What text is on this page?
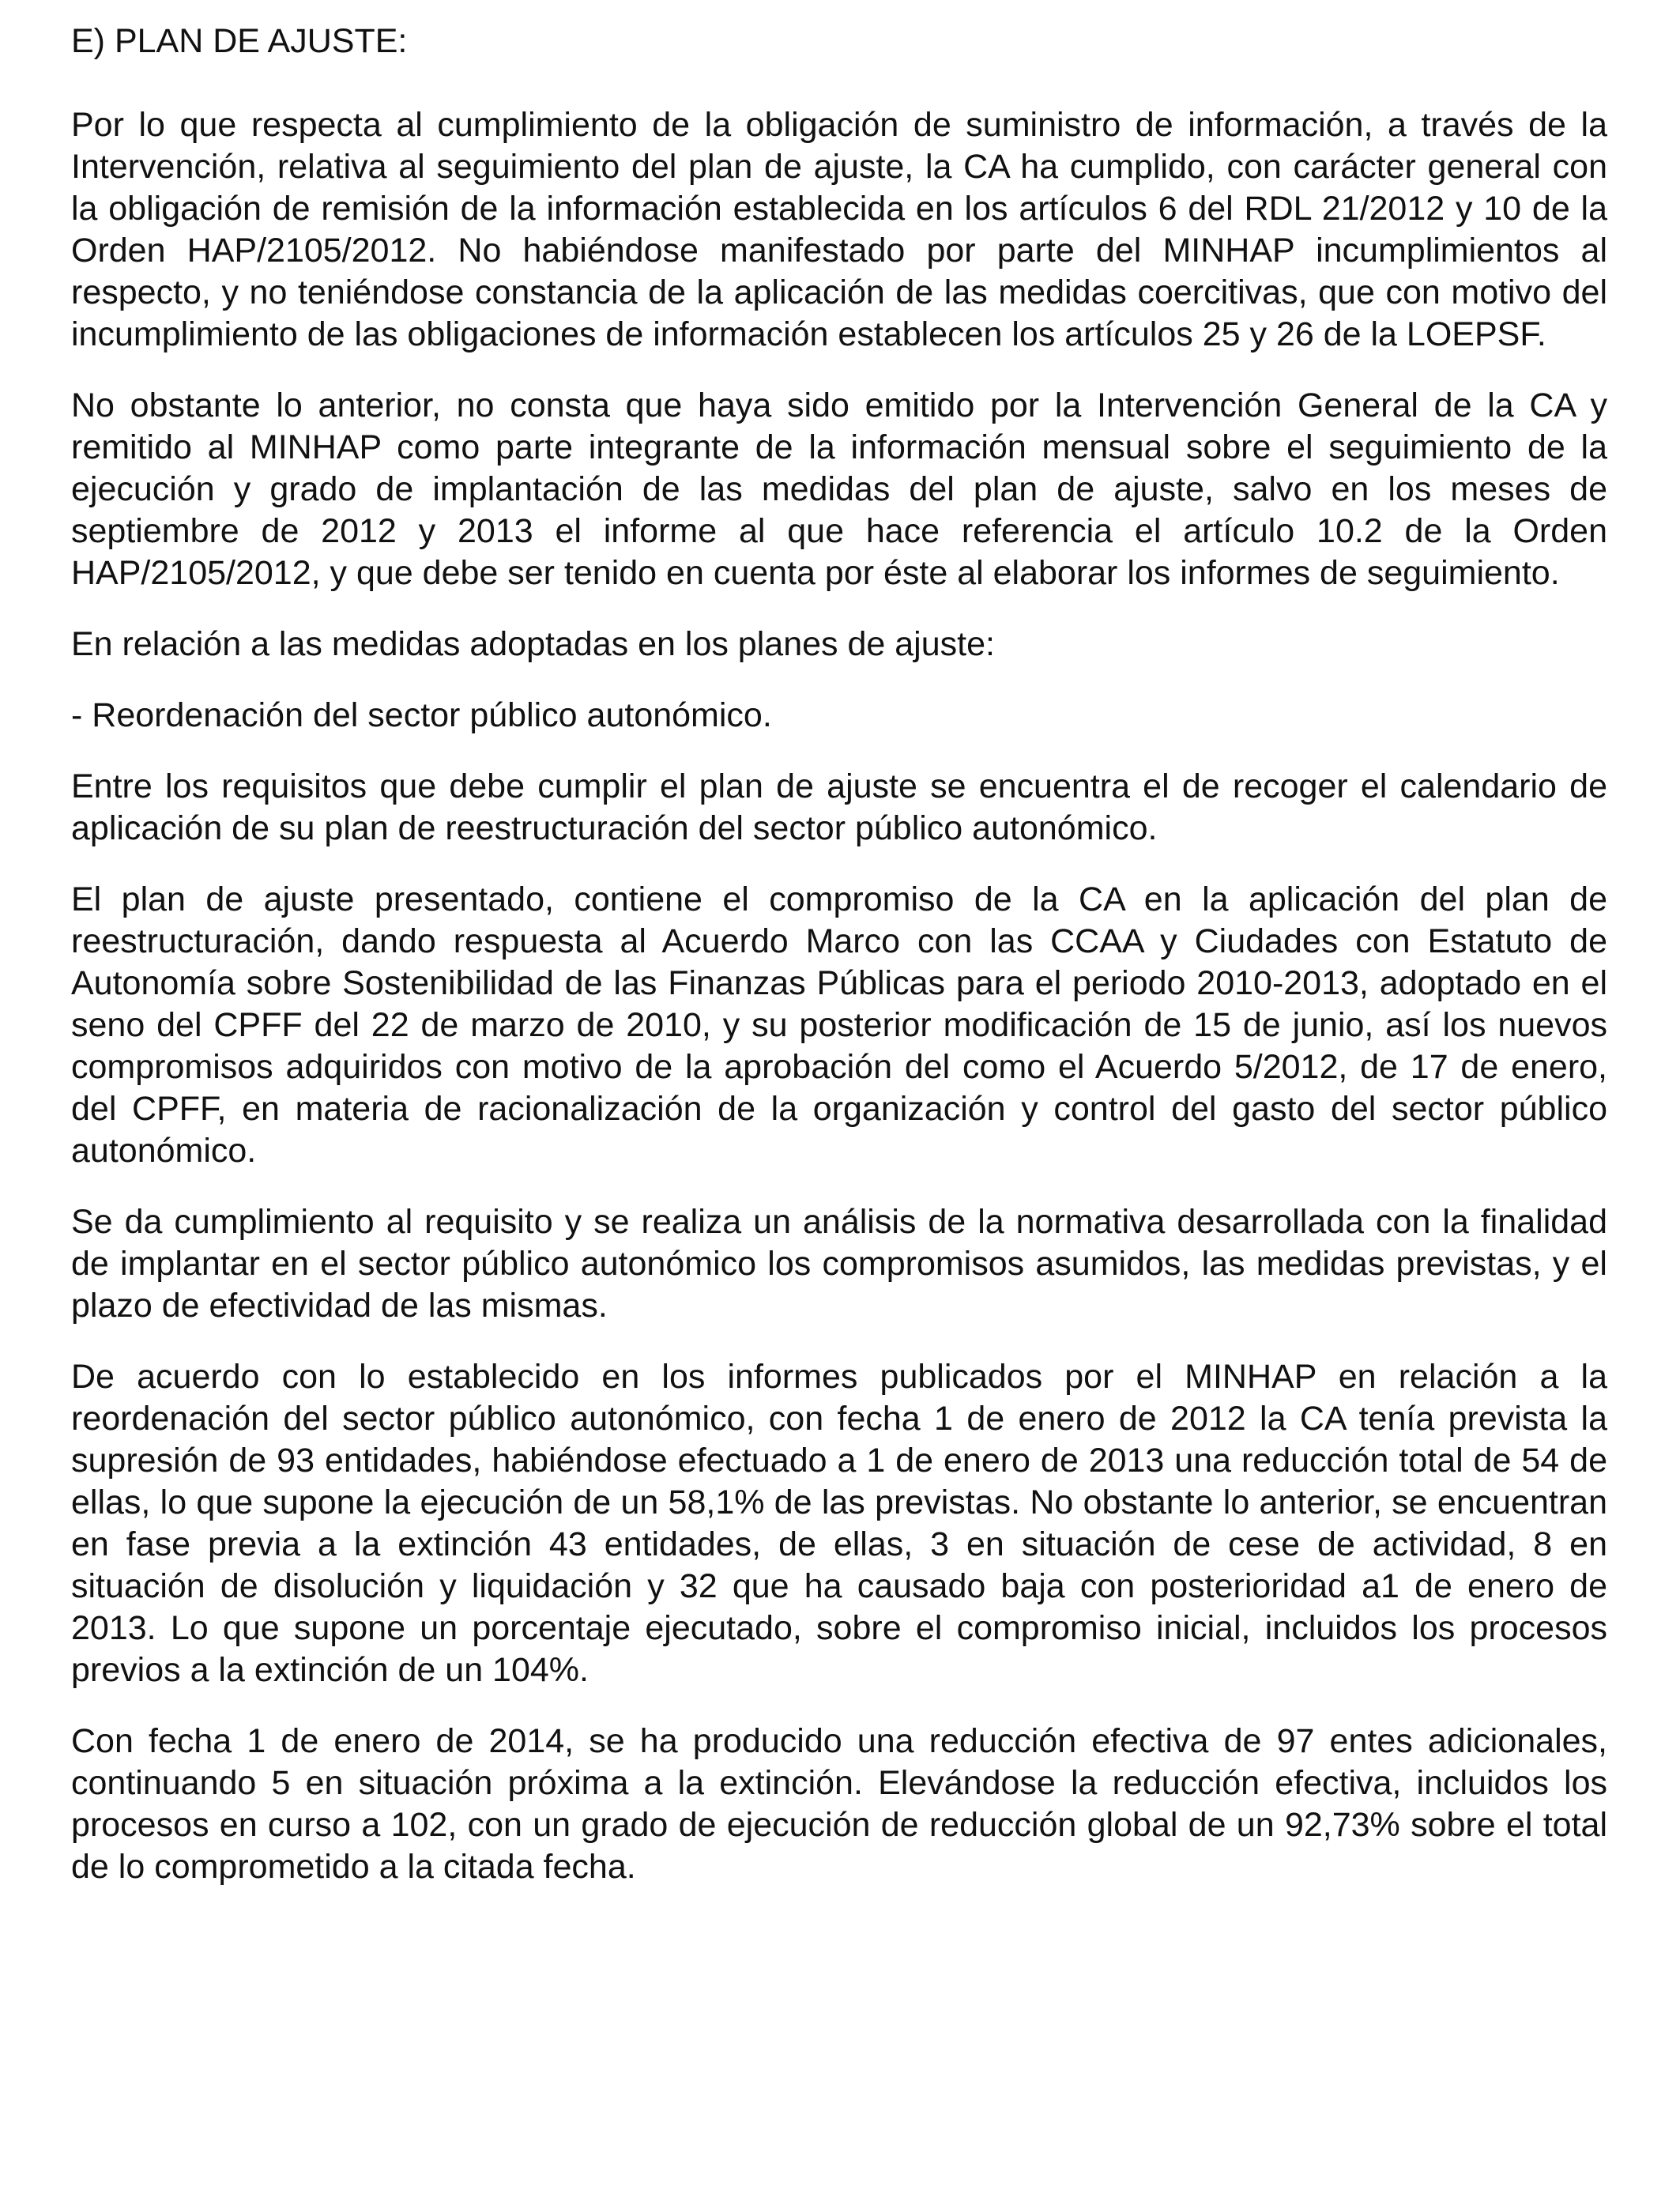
E) PLAN DE AJUSTE:

Por lo que respecta al cumplimiento de la obligación de suministro de información, a través de la Intervención, relativa al seguimiento del plan de ajuste, la CA ha cumplido, con carácter general con la obligación de remisión de la información establecida en los artículos 6 del RDL 21/2012 y 10 de la Orden HAP/2105/2012. No habiéndose manifestado por parte del MINHAP incumplimientos al respecto, y no teniéndose constancia de la aplicación de las medidas coercitivas, que con motivo del incumplimiento de las obligaciones de información establecen los artículos 25 y 26 de la LOEPSF.

No obstante lo anterior, no consta que haya sido emitido por la Intervención General de la CA y remitido al MINHAP como parte integrante de la información mensual sobre el seguimiento de la ejecución y grado de implantación de las medidas del plan de ajuste, salvo en los meses de septiembre de 2012 y 2013 el informe al que hace referencia el artículo 10.2 de la Orden HAP/2105/2012, y que debe ser tenido en cuenta por éste al elaborar los informes de seguimiento.

En relación a las medidas adoptadas en los planes de ajuste:

- Reordenación del sector público autonómico.

Entre los requisitos que debe cumplir el plan de ajuste se encuentra el de recoger el calendario de aplicación de su plan de reestructuración del sector público autonómico.

El plan de ajuste presentado, contiene el compromiso de la CA en la aplicación del plan de reestructuración, dando respuesta al Acuerdo Marco con las CCAA y Ciudades con Estatuto de Autonomía sobre Sostenibilidad de las Finanzas Públicas para el periodo 2010-2013, adoptado en el seno del CPFF del 22 de marzo de 2010, y su posterior modificación de 15 de junio, así los nuevos compromisos adquiridos con motivo de la aprobación del como el Acuerdo 5/2012, de 17 de enero, del CPFF, en materia de racionalización de la organización y control del gasto del sector público autonómico.

Se da cumplimiento al requisito y se realiza un análisis de la normativa desarrollada con la finalidad de implantar en el sector público autonómico los compromisos asumidos, las medidas previstas, y el plazo de efectividad de las mismas.

De acuerdo con lo establecido en los informes publicados por el MINHAP en relación a la reordenación del sector público autonómico, con fecha 1 de enero de 2012 la CA tenía prevista la supresión de 93 entidades, habiéndose efectuado a 1 de enero de 2013 una reducción total de 54 de ellas, lo que supone la ejecución de un 58,1% de las previstas. No obstante lo anterior, se encuentran en fase previa a la extinción 43 entidades, de ellas, 3 en situación de cese de actividad, 8 en situación de disolución y liquidación y 32 que ha causado baja con posterioridad a1 de enero de 2013. Lo que supone un porcentaje ejecutado, sobre el compromiso inicial, incluidos los procesos previos a la extinción de un 104%.

Con fecha 1 de enero de 2014, se ha producido una reducción efectiva de 97 entes adicionales, continuando 5 en situación próxima a la extinción. Elevándose la reducción efectiva, incluidos los procesos en curso a 102, con un grado de ejecución de reducción global de un 92,73% sobre el total de lo comprometido a la citada fecha.
